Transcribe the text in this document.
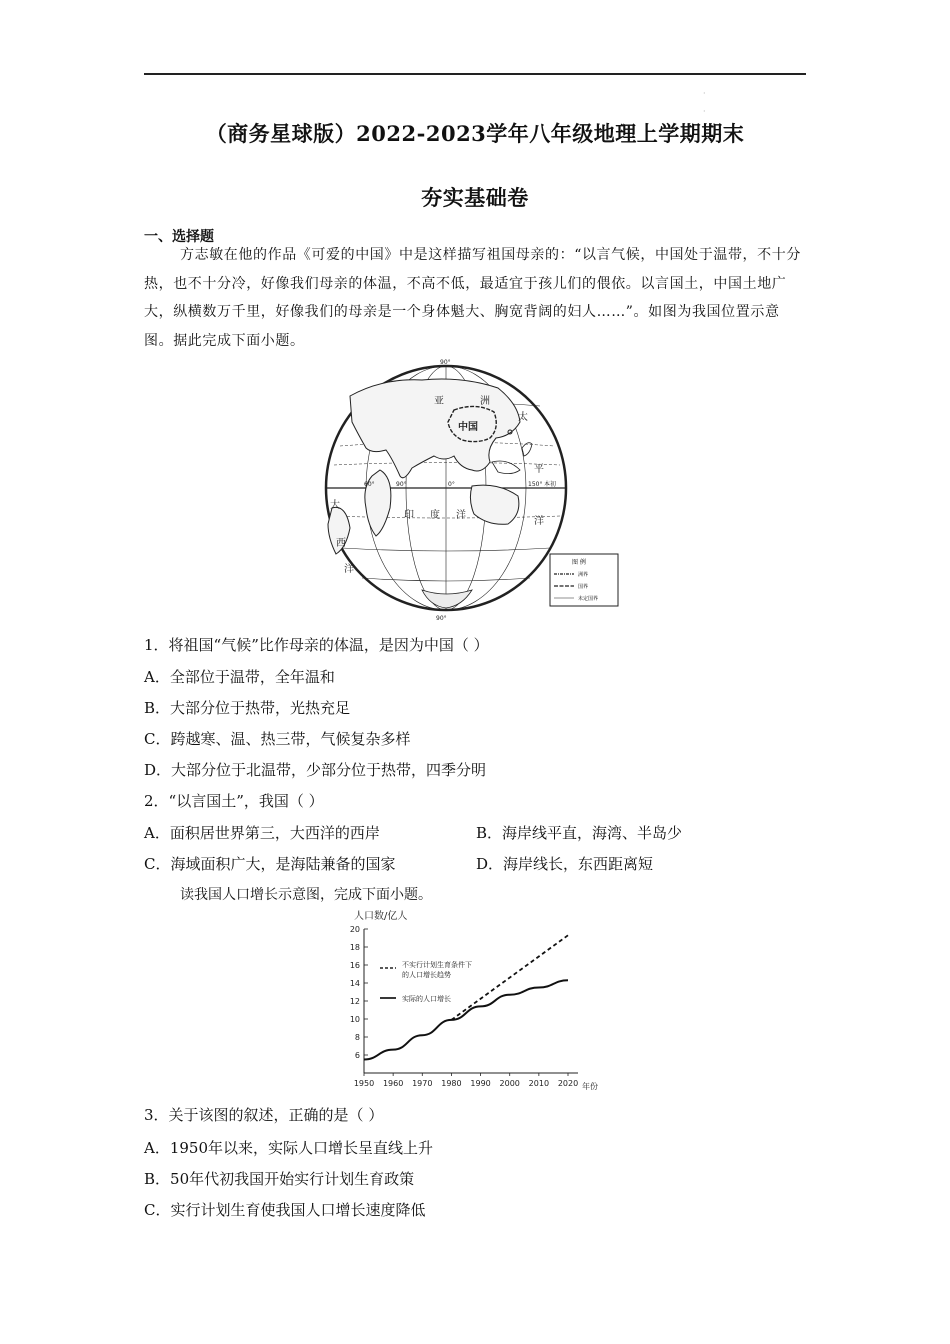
·
·
（商务星球版）2022-2023学年八年级地理上学期期末
夯实基础卷
一、选择题
方志敏在他的作品《可爱的中国》中是这样描写祖国母亲的：“以言气候，中国处于温带，不十分热，也不十分冷，好像我们母亲的体温，不高不低，最适宜于孩儿们的偎依。以言国土，中国土地广大，纵横数万千里，好像我们的母亲是一个身体魁大、胸宽背阔的妇人……”。如图为我国位置示意图。据此完成下面小题。
亚	洲
太
平
洋
中国
印 度 洋
大
西
洋
90°
90°
60°	90°	150°
0°	本初
图 例
洲界
国界
未定国界
1．将祖国“气候”比作母亲的体温，是因为中国（ ）
A．全部位于温带，全年温和
B．大部分位于热带，光热充足
C．跨越寒、温、热三带，气候复杂多样
D．大部分位于北温带，少部分位于热带，四季分明
2．“以言国土”，我国（ ）
A．面积居世界第三，大西洋的西岸	B．海岸线平直，海湾、半岛少
C．海域面积广大，是海陆兼备的国家	D．海岸线长，东西距离短
读我国人口增长示意图，完成下面小题。
人口数/亿人
年份
6
8
10
12
14
16
18
20
1950 1960 1970 1980 1990 2000 2010 2020
不实行计划生育条件下
的人口增长趋势
实际的人口增长
3．关于该图的叙述，正确的是（ ）
A．1950年以来，实际人口增长呈直线上升
B．50年代初我国开始实行计划生育政策
C．实行计划生育使我国人口增长速度降低
